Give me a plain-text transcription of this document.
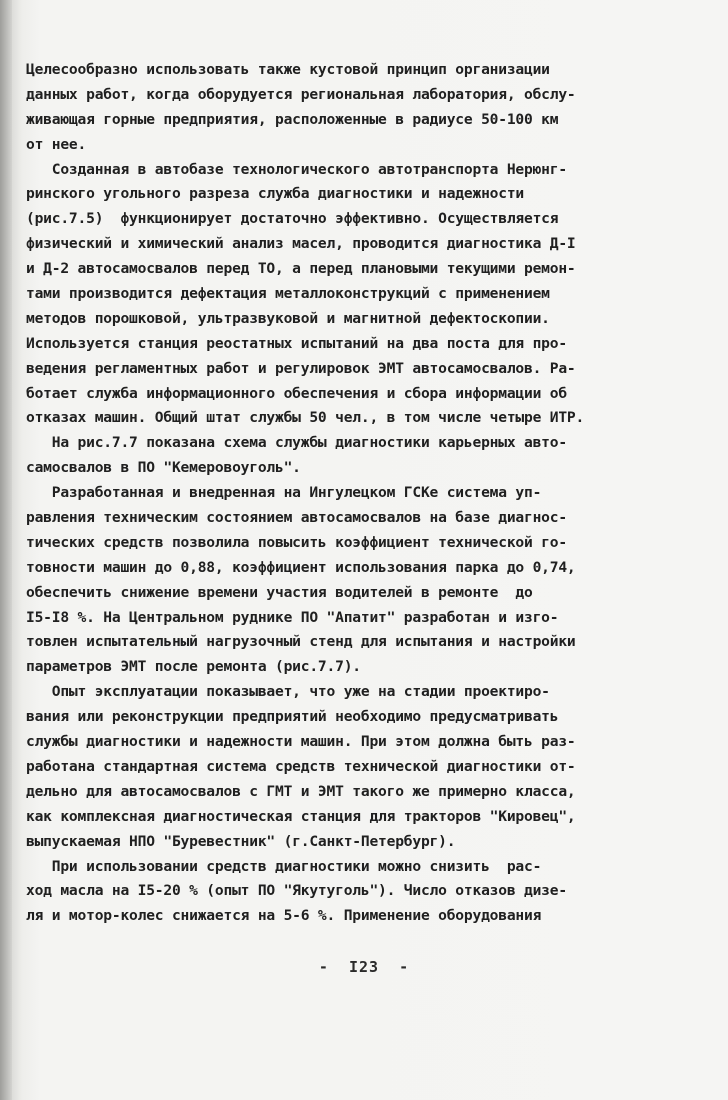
Целесообразно использовать также кустовой принцип организации
данных работ, когда оборудуется региональная лаборатория, обслу-
живающая горные предприятия, расположенные в радиусе 50-100 км
от нее.
Созданная в автобазе технологического автотранспорта Нерюнг-
ринского угольного разреза служба диагностики и надежности
(рис.7.5)  функционирует достаточно эффективно. Осуществляется
физический и химический анализ масел, проводится диагностика Д-I
и Д-2 автосамосвалов перед ТО, а перед плановыми текущими ремон-
тами производится дефектация металлоконструкций с применением
методов порошковой, ультразвуковой и магнитной дефектоскопии.
Используется станция реостатных испытаний на два поста для про-
ведения регламентных работ и регулировок ЭМТ автосамосвалов. Ра-
ботает служба информационного обеспечения и сбора информации об
отказах машин. Общий штат службы 50 чел., в том числе четыре ИТР.
На рис.7.7 показана схема службы диагностики карьерных авто-
самосвалов в ПО "Кемеровоуголь".
Разработанная и внедренная на Ингулецком ГСКе система уп-
равления техническим состоянием автосамосвалов на базе диагнос-
тических средств позволила повысить коэффициент технической го-
товности машин до 0,88, коэффициент использования парка до 0,74,
обеспечить снижение времени участия водителей в ремонте  до
I5-I8 %. На Центральном руднике ПО "Апатит" разработан и изго-
товлен испытательный нагрузочный стенд для испытания и настройки
параметров ЭМТ после ремонта (рис.7.7).
Опыт эксплуатации показывает, что уже на стадии проектиро-
вания или реконструкции предприятий необходимо предусматривать
службы диагностики и надежности машин. При этом должна быть раз-
работана стандартная система средств технической диагностики от-
дельно для автосамосвалов с ГМТ и ЭМТ такого же примерно класса,
как комплексная диагностическая станция для тракторов "Кировец",
выпускаемая НПО "Буревестник" (г.Санкт-Петербург).
При использовании средств диагностики можно снизить  рас-
ход масла на I5-20 % (опыт ПО "Якутуголь"). Число отказов дизе-
ля и мотор-колес снижается на 5-6 %. Применение оборудования
-  I23  -
